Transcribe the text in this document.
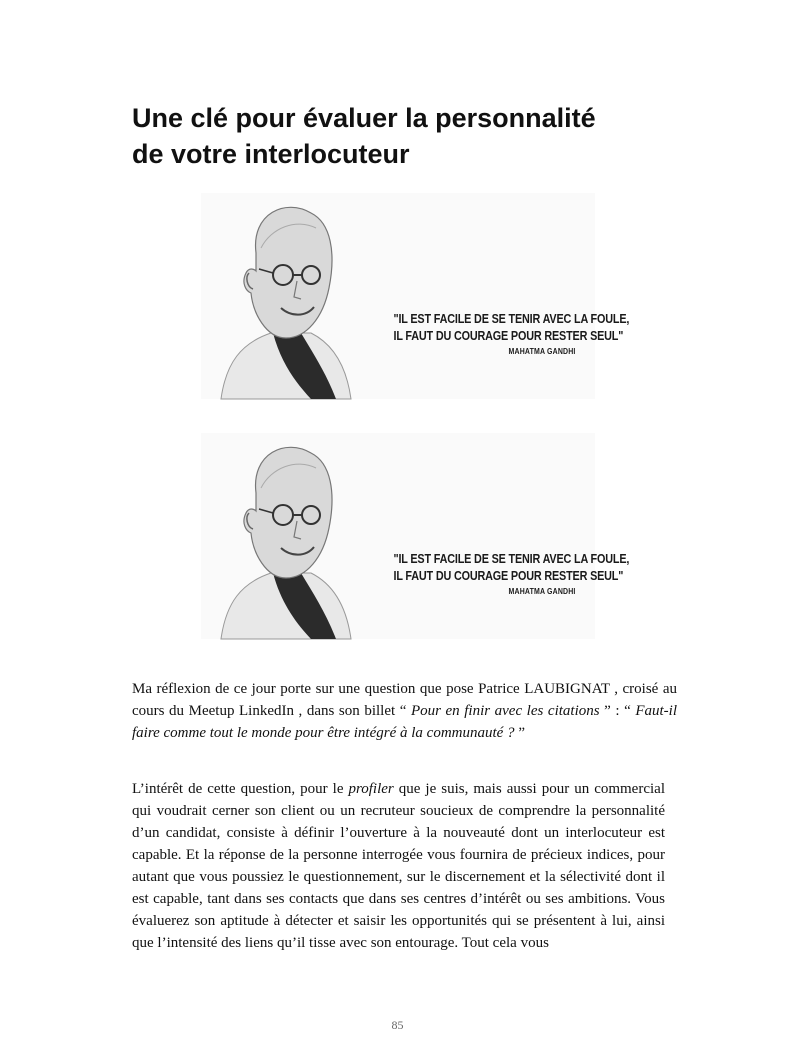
Une clé pour évaluer la personnalité
de votre interlocuteur
"IL EST FACILE DE SE TENIR AVEC LA FOULE,
IL FAUT DU COURAGE POUR RESTER SEUL"
MAHATMA GANDHI
"IL EST FACILE DE SE TENIR AVEC LA FOULE,
IL FAUT DU COURAGE POUR RESTER SEUL"
MAHATMA GANDHI

Ma réflexion de ce jour porte sur une question que pose Patrice LAUBIGNAT , croisé au cours du Meetup LinkedIn , dans son billet “ Pour en finir avec les citations ” : “ Faut-il faire comme tout le monde pour être intégré à la communauté ? ”

L’intérêt de cette question, pour le profiler que je suis, mais aussi pour un commercial qui voudrait cerner son client ou un recruteur soucieux de comprendre la personnalité d’un candidat, consiste à définir l’ouverture à la nouveauté dont un interlocuteur est capable. Et la réponse de la personne interrogée vous fournira de précieux indices, pour autant que vous poussiez le questionnement, sur le discernement et la sélectivité dont il est capable, tant dans ses contacts que dans ses centres d’intérêt ou ses ambitions. Vous évaluerez son aptitude à détecter et saisir les opportunités qui se présentent à lui, ainsi que l’intensité des liens qu’il tisse avec son entourage. Tout cela vous

85
